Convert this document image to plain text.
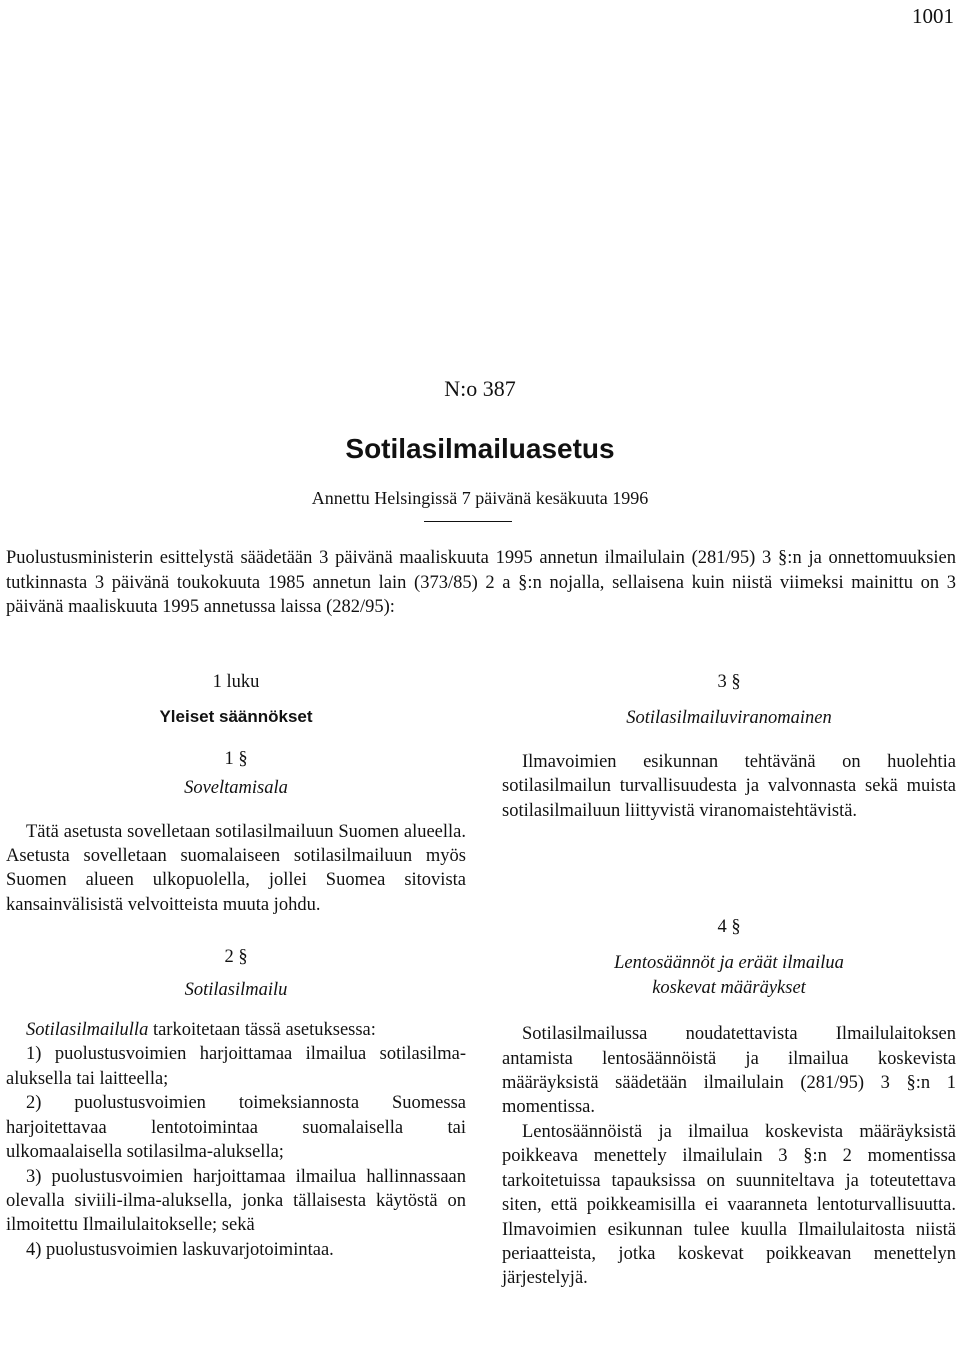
1001
N:o 387
Sotilasilmailuasetus
Annettu Helsingissä 7 päivänä kesäkuuta 1996
Puolustusministerin esittelystä säädetään 3 päivänä maaliskuuta 1995 annetun ilmailulain (281/95) 3 §:n ja onnettomuuksien tutkinnasta 3 päivänä toukokuuta 1985 annetun lain (373/85) 2 a §:n nojalla, sellaisena kuin niistä viimeksi mainittu on 3 päivänä maaliskuuta 1995 annetussa laissa (282/95):
1 luku
Yleiset säännökset
1 §
Soveltamisala

Tätä asetusta sovelletaan sotilasilmailuun Suomen alueella. Asetusta sovelletaan suomalaiseen sotilasilmailuun myös Suomen alueen ulkopuolella, jollei Suomea sitovista kansainvälisistä velvoitteista muuta johdu.

2 §
Sotilasilmailu

Sotilasilmailulla tarkoitetaan tässä asetuksessa:

1) puolustusvoimien harjoittamaa ilmailua sotilasilma-aluksella tai laitteella;

2) puolustusvoimien toimeksiannosta Suomessa harjoitettavaa lentotoimintaa suomalaisella tai ulkomaalaisella sotilasilma-aluksella;

3) puolustusvoimien harjoittamaa ilmailua hallinnassaan olevalla siviili-ilma-aluksella, jonka tällaisesta käytöstä on ilmoitettu Ilmailulaitokselle; sekä

4) puolustusvoimien laskuvarjotoimintaa.

3 §
Sotilasilmailuviranomainen

Ilmavoimien esikunnan tehtävänä on huolehtia sotilasilmailun turvallisuudesta ja valvonnasta sekä muista sotilasilmailuun liittyvistä viranomaistehtävistä.

4 §
Lentosäännöt ja eräät ilmailua koskevat määräykset

Sotilasilmailussa noudatettavista Ilmailulaitoksen antamista lentosäännöistä ja ilmailua koskevista määräyksistä säädetään ilmailulain (281/95) 3 §:n 1 momentissa.

Lentosäännöistä ja ilmailua koskevista määräyksistä poikkeava menettely ilmailulain 3 §:n 2 momentissa tarkoitetuissa tapauksissa on suunniteltava ja toteutettava siten, että poikkeamisilla ei vaaranneta lentoturvallisuutta. Ilmavoimien esikunnan tulee kuulla Ilmailulaitosta niistä periaatteista, jotka koskevat poikkeavan menettelyn järjestelyjä.
